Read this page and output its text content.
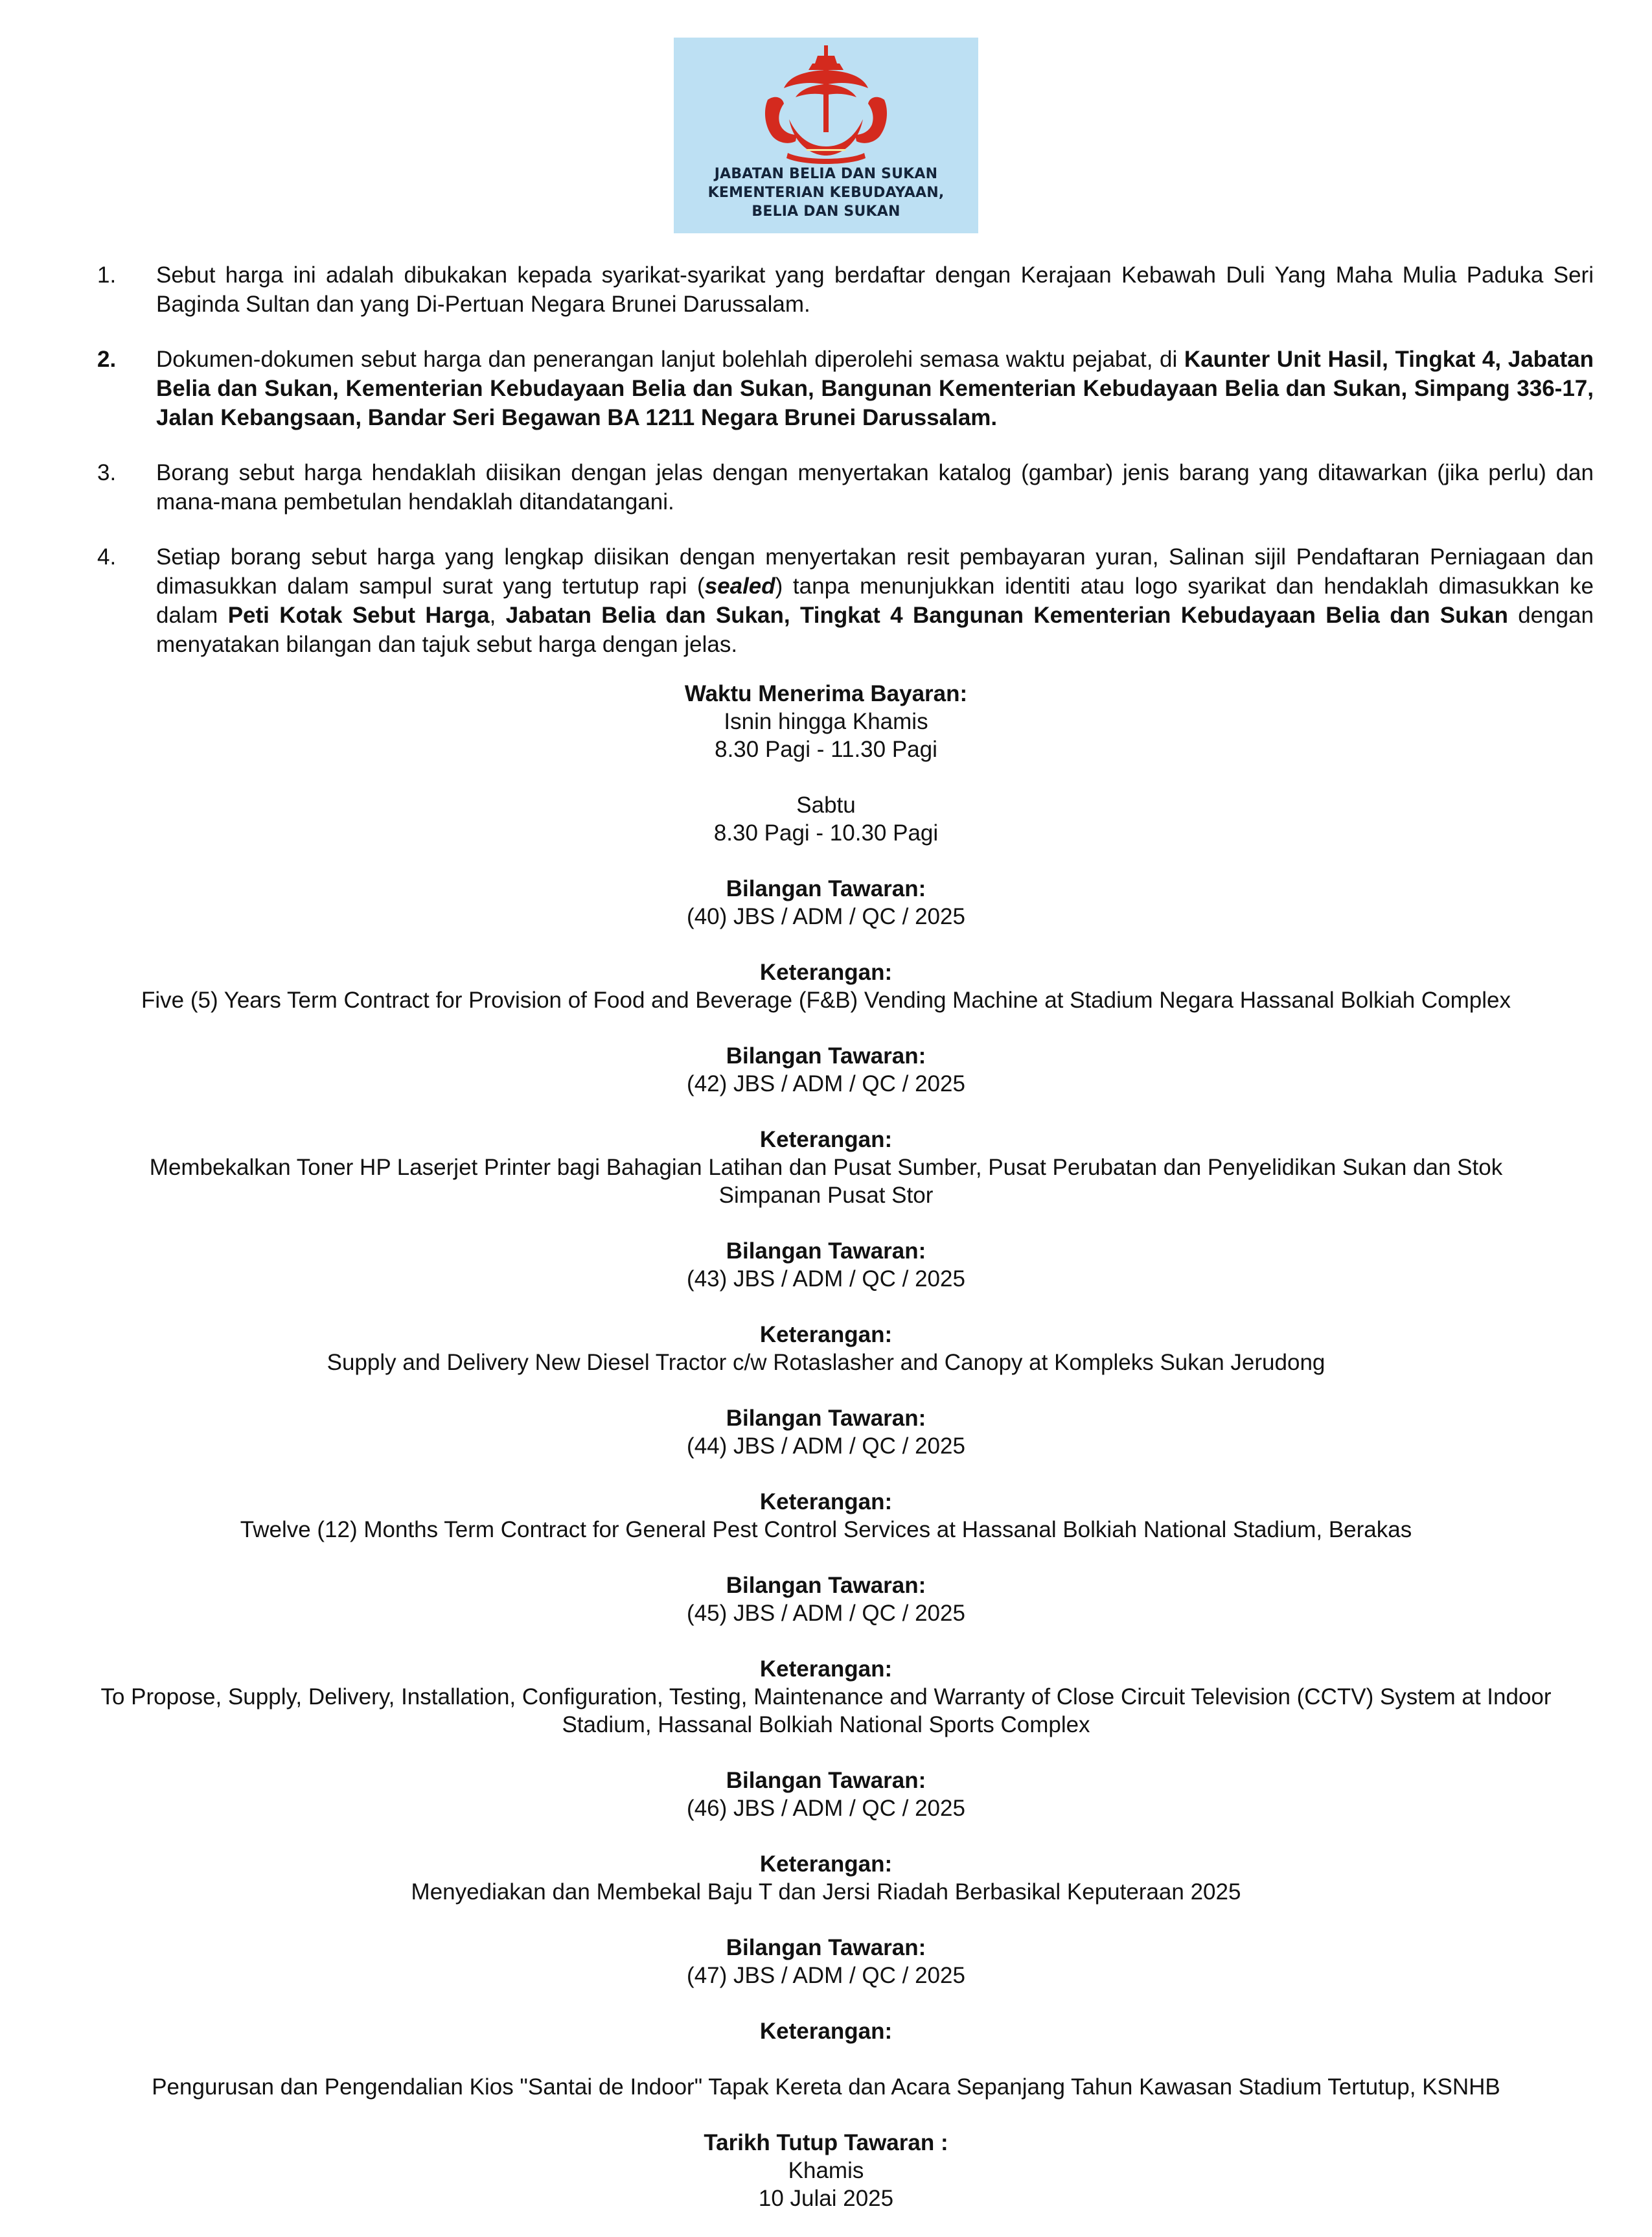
JABATAN BELIA DAN SUKAN
KEMENTERIAN KEBUDAYAAN,
BELIA DAN SUKAN
1.	Sebut harga ini adalah dibukakan kepada syarikat-syarikat yang berdaftar dengan Kerajaan Kebawah Duli Yang Maha Mulia Paduka Seri Baginda Sultan dan yang Di-Pertuan Negara Brunei Darussalam.
2.	Dokumen-dokumen sebut harga dan penerangan lanjut bolehlah diperolehi semasa waktu pejabat, di Kaunter Unit Hasil, Tingkat 4, Jabatan Belia dan Sukan, Kementerian Kebudayaan Belia dan Sukan, Bangunan Kementerian Kebudayaan Belia dan Sukan, Simpang 336-17, Jalan Kebangsaan, Bandar Seri Begawan BA 1211 Negara Brunei Darussalam.
3.	Borang sebut harga hendaklah diisikan dengan jelas dengan menyertakan katalog (gambar) jenis barang yang ditawarkan (jika perlu) dan mana-mana pembetulan hendaklah ditandatangani.
4.	Setiap borang sebut harga yang lengkap diisikan dengan menyertakan resit pembayaran yuran, Salinan sijil Pendaftaran Perniagaan dan dimasukkan dalam sampul surat yang tertutup rapi (sealed) tanpa menunjukkan identiti atau logo syarikat dan hendaklah dimasukkan ke dalam Peti Kotak Sebut Harga, Jabatan Belia dan Sukan, Tingkat 4 Bangunan Kementerian Kebudayaan Belia dan Sukan dengan menyatakan bilangan dan tajuk sebut harga dengan jelas.

Waktu Menerima Bayaran:

Isnin hingga Khamis

8.30 Pagi - 11.30 Pagi

Sabtu

8.30 Pagi - 10.30 Pagi

Bilangan Tawaran:

(40) JBS / ADM / QC / 2025

Keterangan:

Five (5) Years Term Contract for Provision of Food and Beverage (F&B) Vending Machine at Stadium Negara Hassanal Bolkiah Complex

Bilangan Tawaran:

(42) JBS / ADM / QC / 2025

Keterangan:

Membekalkan Toner HP Laserjet Printer bagi Bahagian Latihan dan Pusat Sumber, Pusat Perubatan dan Penyelidikan Sukan dan Stok Simpanan Pusat Stor

Bilangan Tawaran:

(43) JBS / ADM / QC / 2025

Keterangan:

Supply and Delivery New Diesel Tractor c/w Rotaslasher and Canopy at Kompleks Sukan Jerudong

Bilangan Tawaran:

(44) JBS / ADM / QC / 2025

Keterangan:

Twelve (12) Months Term Contract for General Pest Control Services at Hassanal Bolkiah National Stadium, Berakas

Bilangan Tawaran:

(45) JBS / ADM / QC / 2025

Keterangan:

To Propose, Supply, Delivery, Installation, Configuration, Testing, Maintenance and Warranty of Close Circuit Television (CCTV) System at Indoor Stadium, Hassanal Bolkiah National Sports Complex

Bilangan Tawaran:

(46) JBS / ADM / QC / 2025

Keterangan:

Menyediakan dan Membekal Baju T dan Jersi Riadah Berbasikal Keputeraan 2025

Bilangan Tawaran:

(47) JBS / ADM / QC / 2025

Keterangan:

Pengurusan dan Pengendalian Kios "Santai de Indoor" Tapak Kereta dan Acara Sepanjang Tahun Kawasan Stadium Tertutup, KSNHB

Tarikh Tutup Tawaran :

Khamis

10 Julai 2025
